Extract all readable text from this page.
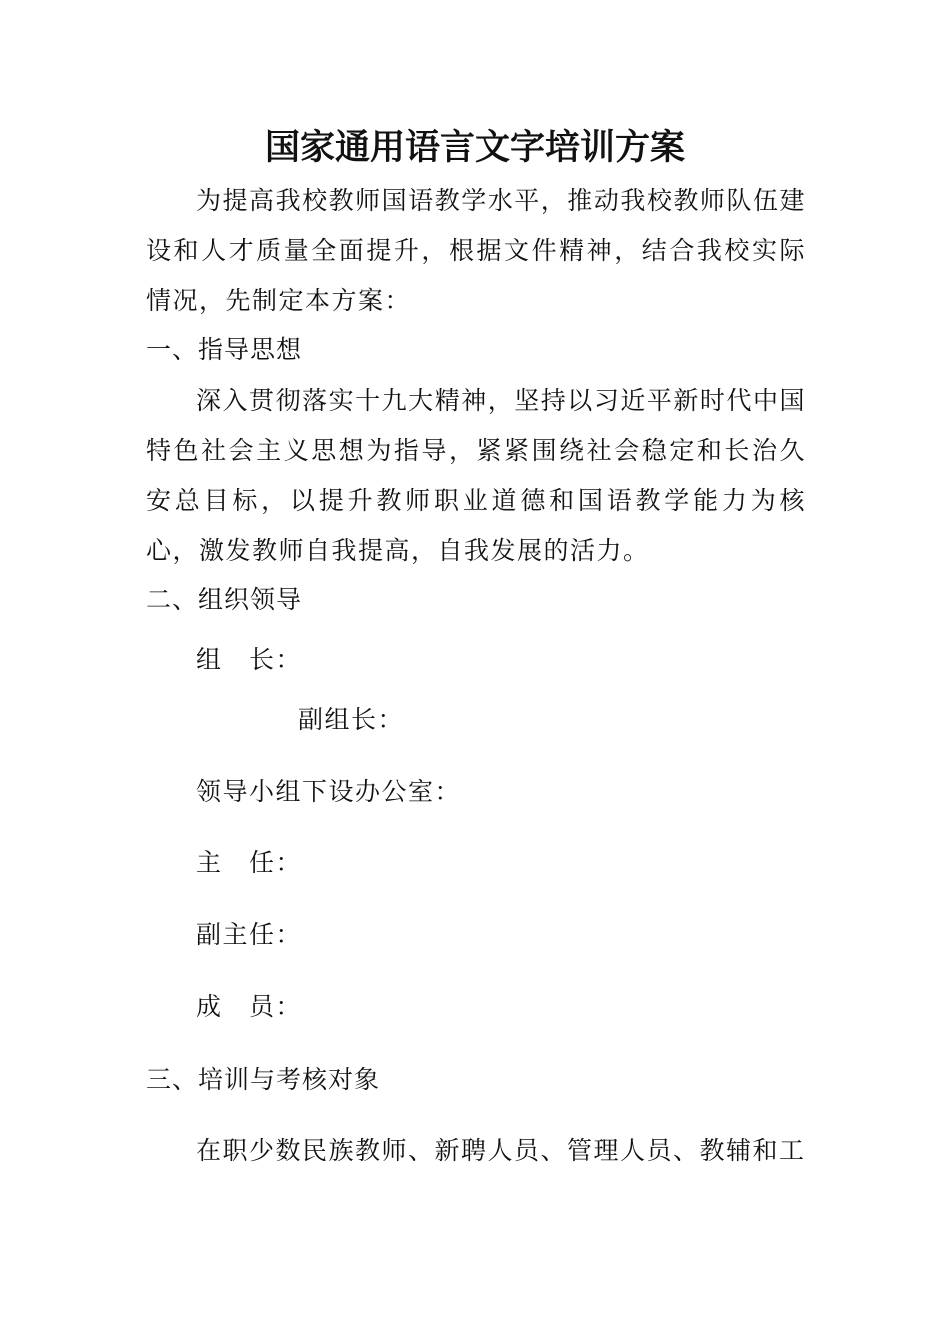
国家通用语言文字培训方案
为提高我校教师国语教学水平，推动我校教师队伍建设和人才质量全面提升，根据文件精神，结合我校实际情况，先制定本方案：
一、指导思想
深入贯彻落实十九大精神，坚持以习近平新时代中国特色社会主义思想为指导，紧紧围绕社会稳定和长治久安总目标，以提升教师职业道德和国语教学能力为核心，激发教师自我提高，自我发展的活力。
二、组织领导
组　长：
副组长：
领导小组下设办公室：
主　任：
副主任：
成　员：
三、培训与考核对象
在职少数民族教师、新聘人员、管理人员、教辅和工
